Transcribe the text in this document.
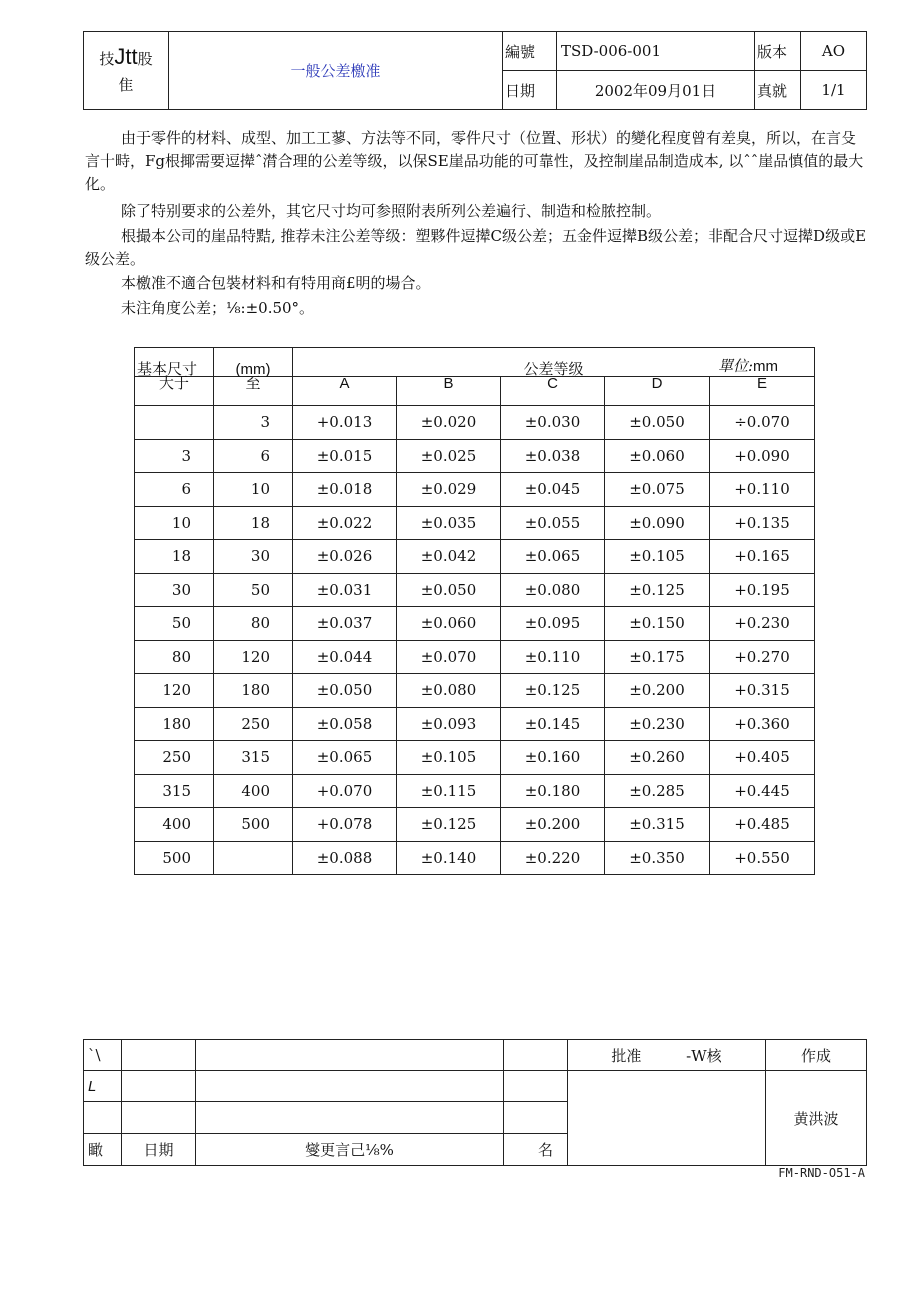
技Jtt股
隹	一般公差檄准	編號	TSD-006-001	版本	AO
		日期	2002年09月01日	真就	1/1
由于零件的材料、成型、加工工蓼、方法等不同，零件尺寸（位置、形状）的變化程度曾有差臭，所以，在言殳言十畤，Fg根揶需要逗撵ˆ潸合理的公差等级，以保SE崖品功能的可靠性，及控制崖品制造成本, 以ˆˆ崖品慎值的最大化。
除了特别要求的公差外，其它尺寸均可参照附表所列公差遍行、制造和检脓控制。
根撮本公司的崖品特黠, 推荐未注公差等级：塑夥件逗撵C级公差；五金件逗撵B级公差；非配合尺寸逗撵D级或E级公差。
本檄准不適合包裝材料和有特用商£明的場合。
未注角度公差；⅛:±0.50°。
基本尺寸	(mm)	公差等级 單位:mm				

大于	至	A	B	C	D	E
	3	+0.013	±0.020	±0.030	±0.050	÷0.070
3	6	±0.015	±0.025	±0.038	±0.060	+0.090
6	10	±0.018	±0.029	±0.045	±0.075	+0.110
10	18	±0.022	±0.035	±0.055	±0.090	+0.135
18	30	±0.026	±0.042	±0.065	±0.105	+0.165
30	50	±0.031	±0.050	±0.080	±0.125	+0.195
50	80	±0.037	±0.060	±0.095	±0.150	+0.230
80	120	±0.044	±0.070	±0.110	±0.175	+0.270
120	180	±0.050	±0.080	±0.125	±0.200	+0.315
180	250	±0.058	±0.093	±0.145	±0.230	+0.360
250	315	±0.065	±0.105	±0.160	±0.260	+0.405
315	400	+0.070	±0.115	±0.180	±0.285	+0.445
400	500	+0.078	±0.125	±0.200	±0.315	+0.485
500		±0.088	±0.140	±0.220	±0.350	+0.550
`\				批准 -W核	作成
L					黄洪波

瞰	日期	燮更言己⅛%	名		
FM-RND-O51-A
